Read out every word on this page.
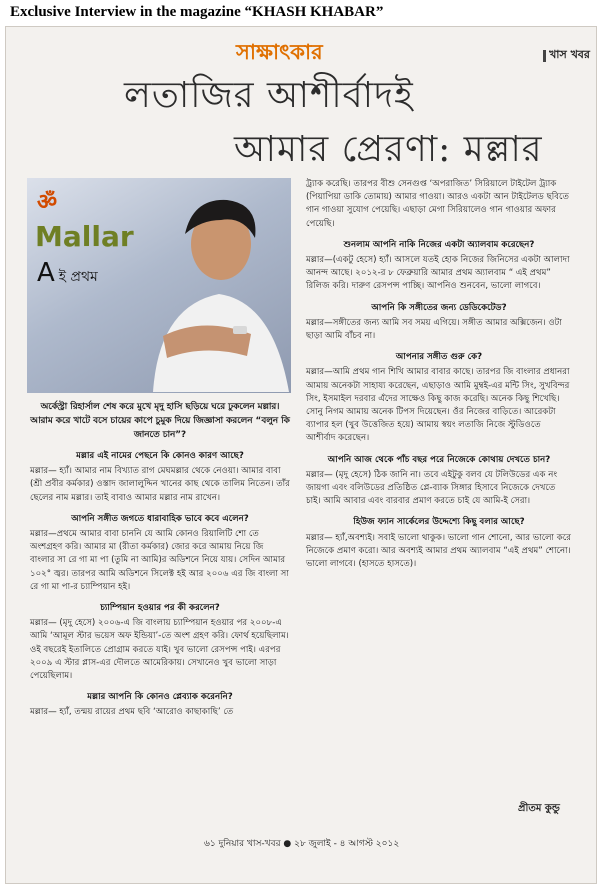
Exclusive Interview in the magazine “KHASH KHABAR”
সাক্ষাৎকার	খাস খবর
লতাজির আশীর্বাদই
আমার প্রেরণা: মল্লার
ॐ
Mallar
Aই প্রথম

অর্কেস্ট্রা রিহার্সাল শেষ করে মুখে মৃদু হাসি ছড়িয়ে ঘরে ঢুকলেন মল্লার। আরাম করে খাটে বসে চায়ের কাপে চুমুক দিয়ে জিজ্ঞাসা করলেন “বলুন কি জানতে চান”?

মল্লার এই নামের পেছনে কি কোনও কারণ আছে?

মল্লার— হ্যাঁ। আমার নাম বিখ্যাত রাগ মেঘমল্লার থেকে নেওয়া। আমার বাবা (শ্রী প্রবীর কর্মকার) ওস্তাদ জালালুদ্দিন খানের কাছ থেকে তালিম নিতেন। তাঁর ছেলের নাম মল্লার। তাই বাবাও আমার মল্লার নাম রাখেন।

আপনি সঙ্গীত জগতে ধারাবাহিক ভাবে কবে এলেন?

মল্লার—প্রথমে আমার বাবা চাননি যে আমি কোনও রিয়ালিটি শো তে অংশগ্রহণ করি। আমার মা (রীতা কর্মকার) জোর করে আমায় নিয়ে জি বাংলার সা রে গা মা পা (তুমি না আমি)র অডিশনে নিয়ে যায়। সেদিন আমার ১০২° জ্বর। তারপর আমি অডিশনে সিলেক্ট হই আর ২০০৬ এর জি বাংলা সা রে গা মা পা-র চ্যাম্পিয়ান হই।

চ্যাম্পিয়ান হওয়ার পর কী করলেন?

মল্লার— (মৃদু হেসে) ২০০৬-এ জি বাংলায় চ্যাম্পিয়ান হওয়ার পর ২০০৮-এ আমি ‘আমূল স্টার ভয়েস অফ ইন্ডিয়া’-তে অংশ গ্রহণ করি। ফোর্থ হয়েছিলাম। ওই বছরেই ইতালিতে প্রোগ্রাম করতে যাই। খুব ভালো রেসপন্স পাই। এরপর ২০০৯ এ স্টার প্লাস-এর দৌলতে আমেরিকায়। সেখানেও খুব ভালো সাড়া পেয়েছিলাম।

মল্লার আপনি কি কোনও প্লেব্যাক করেননি?

মল্লার— হ্যাঁ, তন্ময় রায়ের প্রথম ছবি ‘আরোও কাছাকাছি’ তে

ট্র্যাক করেছি। তারপর বীশু সেনগুপ্ত ‘অপরাজিত’ সিরিয়ালে টাইটেল ট্র্যাক (পিয়াপিয়া ডাকি তোমায়) আমার গাওয়া। আরও একটা আন টাইটেলড ছবিতে গান গাওয়া সুযোগ পেয়েছি। এছাড়া মেগা সিরিয়ালেও গান গাওয়ার অফার পেয়েছি।

শুনলাম আপনি নাকি নিজের একটা অ্যালবাম করেছেন?

মল্লার—(একটু হেসে) হ্যাঁ। আসলে যতই হোক নিজের জিনিসের একটা আলাদা আনন্দ আছে। ২০১২-র ৮ ফেব্রুয়ারি আমার প্রথম অ্যালবাম “ এই প্রথম” রিলিজ করি। দারুণ রেসপন্স পাচ্ছি। আপনিও শুনবেন, ভালো লাগবে।

আপনি কি সঙ্গীতের জন্য ডেডিকেটেড?

মল্লার—সঙ্গীতের জন্য আমি সব সময় এগিয়ে। সঙ্গীত আমার অক্সিজেন। ওটা ছাড়া আমি বাঁচব না।

আপনার সঙ্গীত গুরু কে?

মল্লার—আমি প্রথম গান শিখি আমার বাবার কাছে। তারপর জি বাংলার প্রধানরা আমায় অনেকটা সাহায্য করেছেন, এছাড়াও আমি মুম্বই-এর মন্টি সিং, সুখবিন্দর সিং, ইসমাইল দরবার এঁদের সাক্ষেও কিছু কাজ করেছি। অনেক কিছু শিখেছি। সোনু নিগম আমায় অনেক টিপস দিয়েছেন। ওঁর নিজের বাড়িতে। আরেকটা ব্যাপার হল (খুব উত্তেজিত হয়ে) আমায় স্বয়ং লতাজি নিজে স্টুডিওতে আশীর্বাদ করেছেন।

আপনি আজ থেকে পাঁচ বছর পরে নিজেকে কোথায় দেখতে চান?

মল্লার— (মৃদু হেসে) ঠিক জানি না। তবে এইটুকু বলব যে টলিউডের এক নং জায়গা এবং বলিউডের প্রতিষ্ঠিত প্লে-ব্যাক সিঙ্গার হিসাবে নিজেকে দেখতে চাই। আমি আবার এবং বারবার প্রমাণ করতে চাই যে আমি-ই সেরা।

হিউজ ফ্যান সার্কেলের উদ্দেশ্যে কিছু বলার আছে?

মল্লার— হ্যাঁ,অবশ্যই। সবাই ভালো থাকুক। ভালো গান শোনো, আর ভালো করে নিজেকে প্রমাণ করো। আর অবশ্যই আমার প্রথম অ্যালবাম “এই প্রথম” শোনো। ভালো লাগবে। (হাসতে হাসতে)।

প্রীতম কুন্ডু
৬১ দুনিয়ার খাস-খবর ● ২৮ জুলাই - ৪ আগস্ট ২০১২
